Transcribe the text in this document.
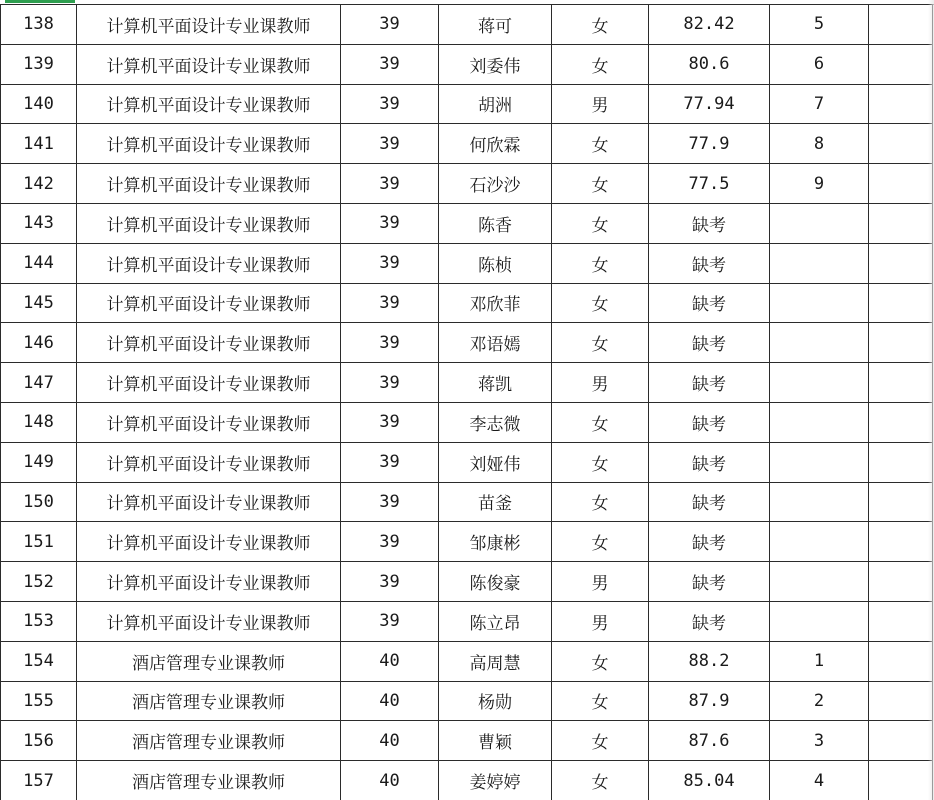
138	计算机平面设计专业课教师	39	蒋可	女	82.42	5	
139	计算机平面设计专业课教师	39	刘委伟	女	80.6	6	
140	计算机平面设计专业课教师	39	胡洲	男	77.94	7	
141	计算机平面设计专业课教师	39	何欣霖	女	77.9	8	
142	计算机平面设计专业课教师	39	石沙沙	女	77.5	9	
143	计算机平面设计专业课教师	39	陈香	女	缺考		
144	计算机平面设计专业课教师	39	陈桢	女	缺考		
145	计算机平面设计专业课教师	39	邓欣菲	女	缺考		
146	计算机平面设计专业课教师	39	邓语嫣	女	缺考		
147	计算机平面设计专业课教师	39	蒋凯	男	缺考		
148	计算机平面设计专业课教师	39	李志微	女	缺考		
149	计算机平面设计专业课教师	39	刘娅伟	女	缺考		
150	计算机平面设计专业课教师	39	苗釜	女	缺考		
151	计算机平面设计专业课教师	39	邹康彬	女	缺考		
152	计算机平面设计专业课教师	39	陈俊豪	男	缺考		
153	计算机平面设计专业课教师	39	陈立昂	男	缺考		
154	酒店管理专业课教师	40	高周慧	女	88.2	1	
155	酒店管理专业课教师	40	杨勋	女	87.9	2	
156	酒店管理专业课教师	40	曹颖	女	87.6	3	
157	酒店管理专业课教师	40	姜婷婷	女	85.04	4	
